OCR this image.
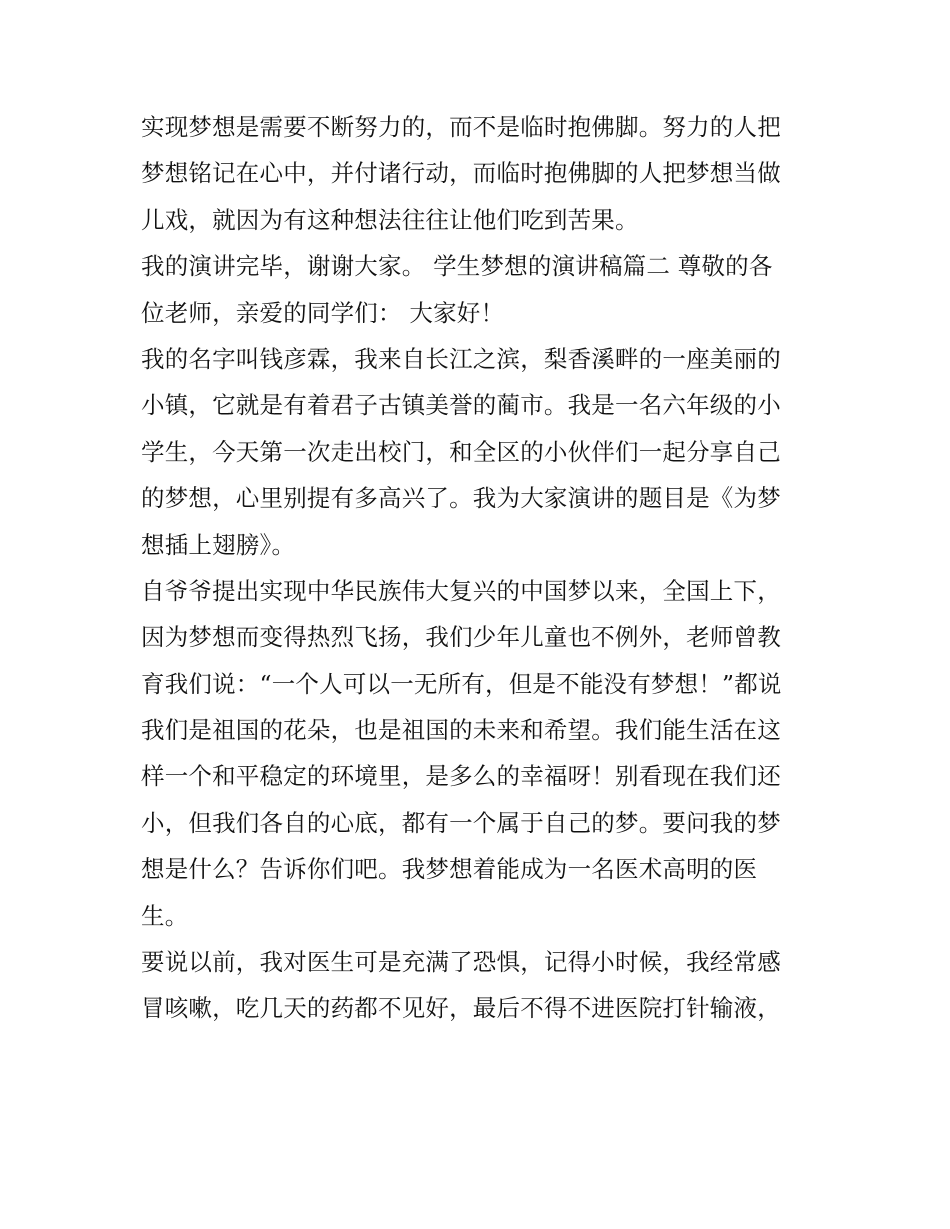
实现梦想是需要不断努力的，而不是临时抱佛脚。努力的人把
梦想铭记在心中，并付诸行动，而临时抱佛脚的人把梦想当做
儿戏，就因为有这种想法往往让他们吃到苦果。
我的演讲完毕，谢谢大家。 学生梦想的演讲稿篇二 尊敬的各
位老师，亲爱的同学们： 大家好！
我的名字叫钱彦霖，我来自长江之滨，梨香溪畔的一座美丽的
小镇，它就是有着君子古镇美誉的蔺市。我是一名六年级的小
学生，今天第一次走出校门，和全区的小伙伴们一起分享自己
的梦想，心里别提有多高兴了。我为大家演讲的题目是《为梦
想插上翅膀》。
自爷爷提出实现中华民族伟大复兴的中国梦以来，全国上下，
因为梦想而变得热烈飞扬，我们少年儿童也不例外，老师曾教
育我们说：“一个人可以一无所有，但是不能没有梦想！”都说
我们是祖国的花朵，也是祖国的未来和希望。我们能生活在这
样一个和平稳定的环境里，是多么的幸福呀！别看现在我们还
小，但我们各自的心底，都有一个属于自己的梦。要问我的梦
想是什么？告诉你们吧。我梦想着能成为一名医术高明的医
生。
要说以前，我对医生可是充满了恐惧，记得小时候，我经常感
冒咳嗽，吃几天的药都不见好，最后不得不进医院打针输液，
